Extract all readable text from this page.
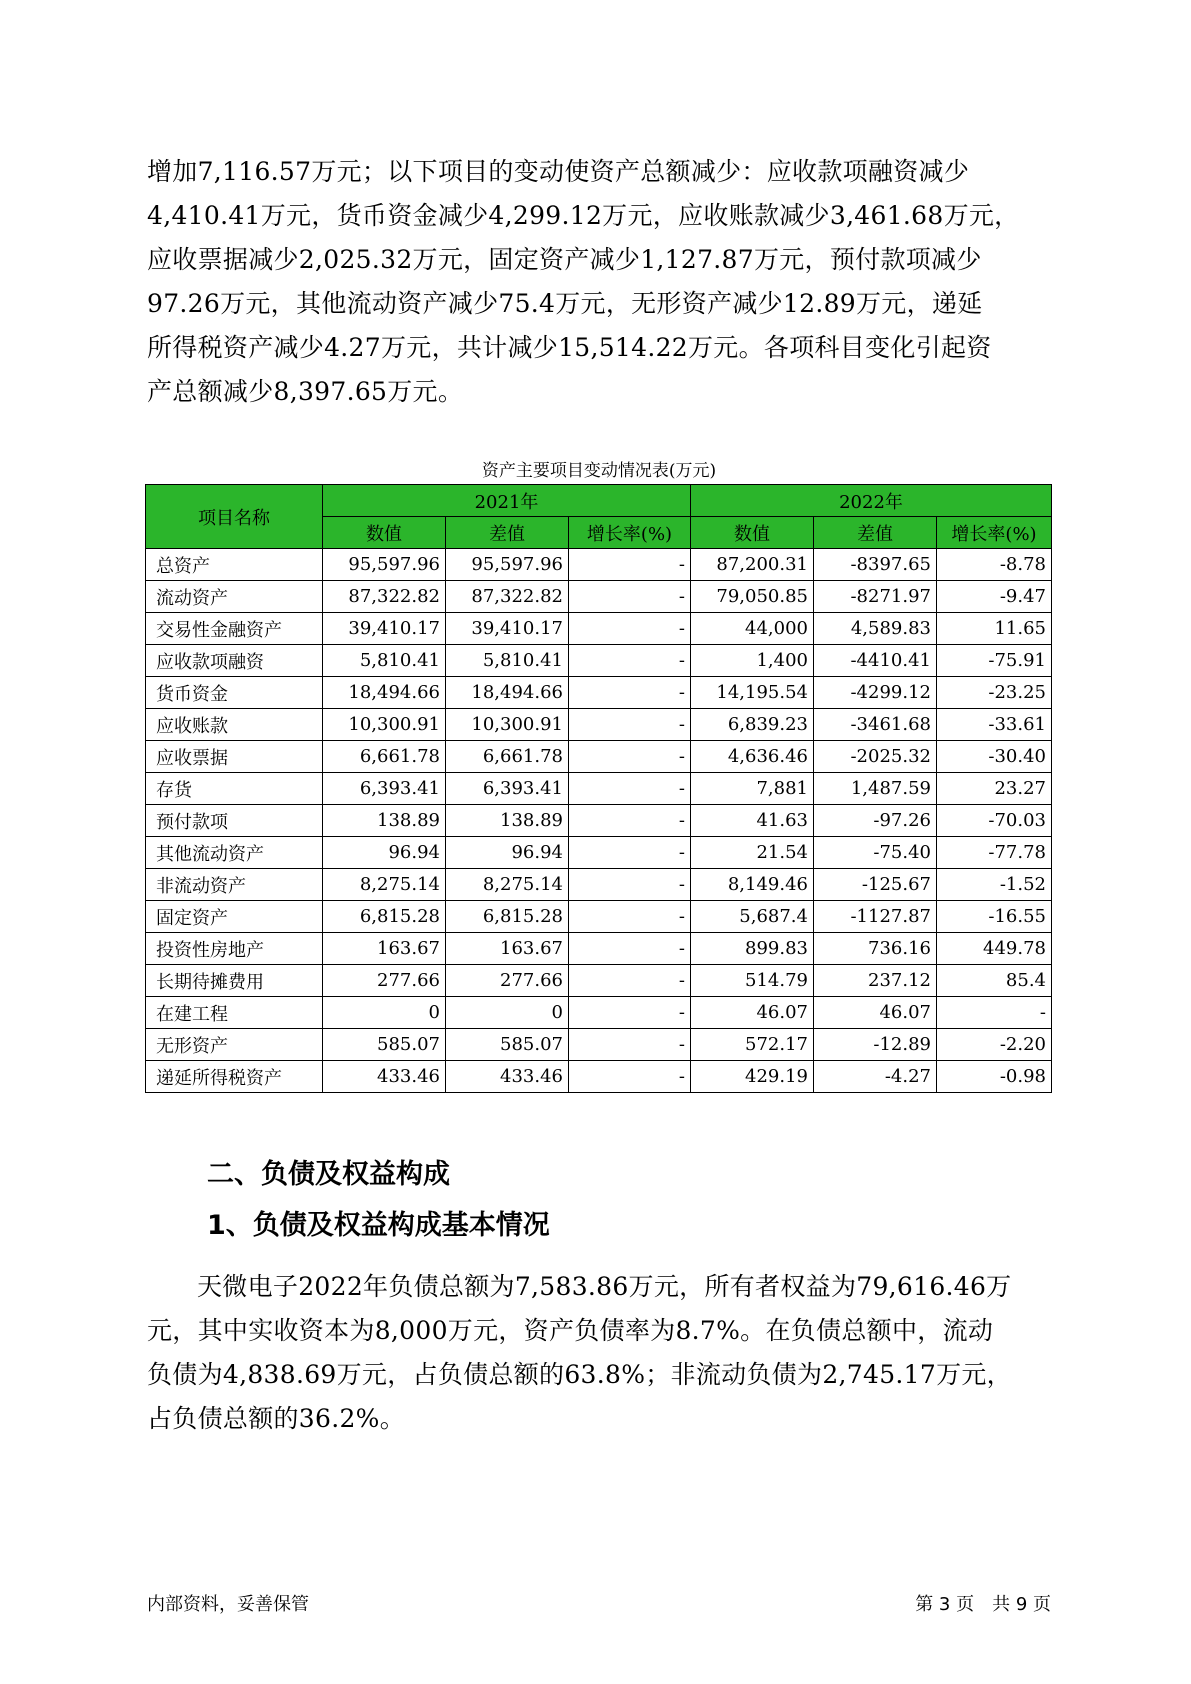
增加7,116.57万元；以下项目的变动使资产总额减少：应收款项融资减少
4,410.41万元，货币资金减少4,299.12万元，应收账款减少3,461.68万元，
应收票据减少2,025.32万元，固定资产减少1,127.87万元，预付款项减少
97.26万元，其他流动资产减少75.4万元，无形资产减少12.89万元，递延
所得税资产减少4.27万元，共计减少15,514.22万元。各项科目变化引起资
产总额减少8,397.65万元。
资产主要项目变动情况表(万元)
项目名称	2021年			2022年		
	数值	差值	增长率(%)	数值	差值	增长率(%)
总资产	95,597.96	95,597.96	-	87,200.31	-8397.65	-8.78
流动资产	87,322.82	87,322.82	-	79,050.85	-8271.97	-9.47
交易性金融资产	39,410.17	39,410.17	-	44,000	4,589.83	11.65
应收款项融资	5,810.41	5,810.41	-	1,400	-4410.41	-75.91
货币资金	18,494.66	18,494.66	-	14,195.54	-4299.12	-23.25
应收账款	10,300.91	10,300.91	-	6,839.23	-3461.68	-33.61
应收票据	6,661.78	6,661.78	-	4,636.46	-2025.32	-30.40
存货	6,393.41	6,393.41	-	7,881	1,487.59	23.27
预付款项	138.89	138.89	-	41.63	-97.26	-70.03
其他流动资产	96.94	96.94	-	21.54	-75.40	-77.78
非流动资产	8,275.14	8,275.14	-	8,149.46	-125.67	-1.52
固定资产	6,815.28	6,815.28	-	5,687.4	-1127.87	-16.55
投资性房地产	163.67	163.67	-	899.83	736.16	449.78
长期待摊费用	277.66	277.66	-	514.79	237.12	85.4
在建工程	0	0	-	46.07	46.07	-
无形资产	585.07	585.07	-	572.17	-12.89	-2.20
递延所得税资产	433.46	433.46	-	429.19	-4.27	-0.98
二、负债及权益构成
1、负债及权益构成基本情况
天微电子2022年负债总额为7,583.86万元，所有者权益为79,616.46万
元，其中实收资本为8,000万元，资产负债率为8.7%。在负债总额中，流动
负债为4,838.69万元，占负债总额的63.8%；非流动负债为2,745.17万元，
占负债总额的36.2%。
内部资料，妥善保管	第 3 页　共 9 页
